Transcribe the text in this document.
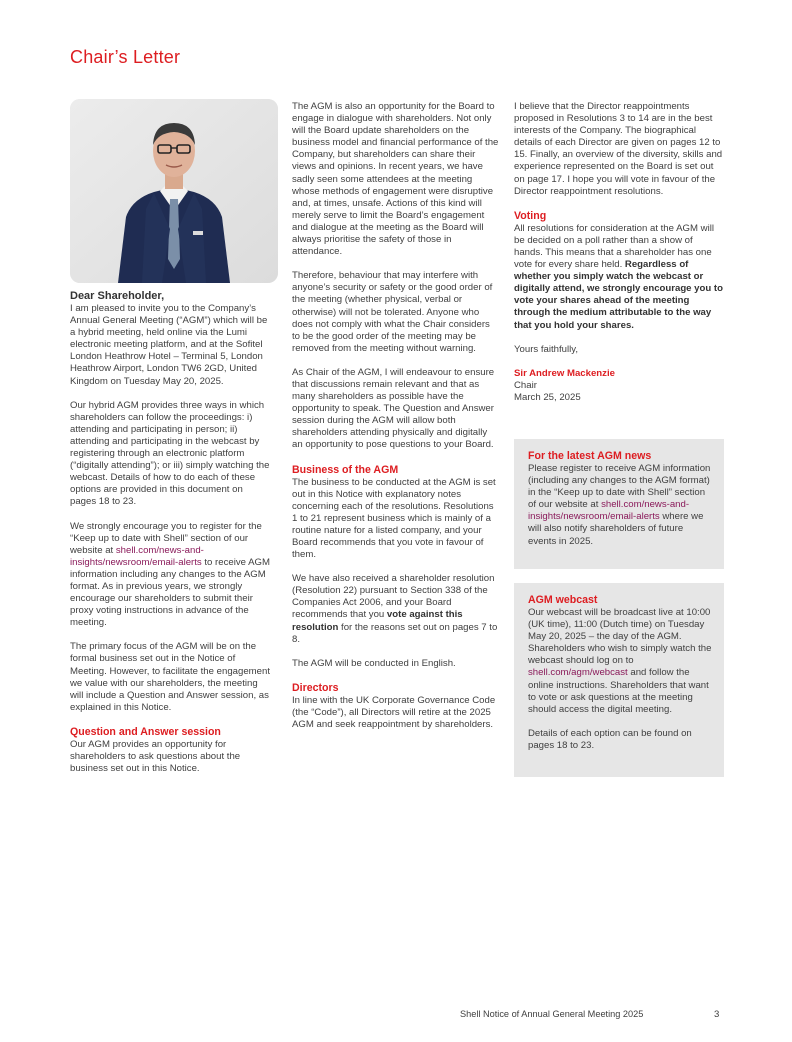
Chair’s Letter
Dear Shareholder,

I am pleased to invite you to the Company’s Annual General Meeting (“AGM”) which will be a hybrid meeting, held online via the Lumi electronic meeting platform, and at the Sofitel London Heathrow Hotel – Terminal 5, London Heathrow Airport, London TW6 2GD, United Kingdom on Tuesday May 20, 2025.

Our hybrid AGM provides three ways in which shareholders can follow the proceedings: i) attending and participating in person; ii) attending and participating in the webcast by registering through an electronic platform (“digitally attending”); or iii) simply watching the webcast. Details of how to do each of these options are provided in this document on pages 18 to 23.

We strongly encourage you to register for the “Keep up to date with Shell” section of our website at shell.com/news-and-insights/newsroom/email-alerts to receive AGM information including any changes to the AGM format. As in previous years, we strongly encourage our shareholders to submit their proxy voting instructions in advance of the meeting.

The primary focus of the AGM will be on the formal business set out in the Notice of Meeting. However, to facilitate the engagement we value with our shareholders, the meeting will include a Question and Answer session, as explained in this Notice.

Question and Answer session

Our AGM provides an opportunity for shareholders to ask questions about the business set out in this Notice.

The AGM is also an opportunity for the Board to engage in dialogue with shareholders. Not only will the Board update shareholders on the business model and financial performance of the Company, but shareholders can share their views and opinions. In recent years, we have sadly seen some attendees at the meeting whose methods of engagement were disruptive and, at times, unsafe. Actions of this kind will merely serve to limit the Board’s engagement and dialogue at the meeting as the Board will always prioritise the safety of those in attendance.

Therefore, behaviour that may interfere with anyone’s security or safety or the good order of the meeting (whether physical, verbal or otherwise) will not be tolerated. Anyone who does not comply with what the Chair considers to be the good order of the meeting may be removed from the meeting without warning.

As Chair of the AGM, I will endeavour to ensure that discussions remain relevant and that as many shareholders as possible have the opportunity to speak. The Question and Answer session during the AGM will allow both shareholders attending physically and digitally an opportunity to pose questions to your Board.

Business of the AGM

The business to be conducted at the AGM is set out in this Notice with explanatory notes concerning each of the resolutions. Resolutions 1 to 21 represent business which is mainly of a routine nature for a listed company, and your Board recommends that you vote in favour of them.

We have also received a shareholder resolution (Resolution 22) pursuant to Section 338 of the Companies Act 2006, and your Board recommends that you vote against this resolution for the reasons set out on pages 7 to 8.

The AGM will be conducted in English.

Directors

In line with the UK Corporate Governance Code (the “Code”), all Directors will retire at the 2025 AGM and seek reappointment by shareholders.

I believe that the Director reappointments proposed in Resolutions 3 to 14 are in the best interests of the Company. The biographical details of each Director are given on pages 12 to 15. Finally, an overview of the diversity, skills and experience represented on the Board is set out on page 17. I hope you will vote in favour of the Director reappointment resolutions.

Voting

All resolutions for consideration at the AGM will be decided on a poll rather than a show of hands. This means that a shareholder has one vote for every share held. Regardless of whether you simply watch the webcast or digitally attend, we strongly encourage you to vote your shares ahead of the meeting through the medium attributable to the way that you hold your shares.

Yours faithfully,

Sir Andrew Mackenzie
Chair
March 25, 2025
For the latest AGM news

Please register to receive AGM information (including any changes to the AGM format) in the “Keep up to date with Shell” section of our website at shell.com/news-and-insights/newsroom/email-alerts where we will also notify shareholders of future events in 2025.

AGM webcast

Our webcast will be broadcast live at 10:00 (UK time), 11:00 (Dutch time) on Tuesday May 20, 2025 – the day of the AGM. Shareholders who wish to simply watch the webcast should log on to shell.com/agm/webcast and follow the online instructions. Shareholders that want to vote or ask questions at the meeting should access the digital meeting.

Details of each option can be found on pages 18 to 23.

Shell Notice of Annual General Meeting 2025	3
